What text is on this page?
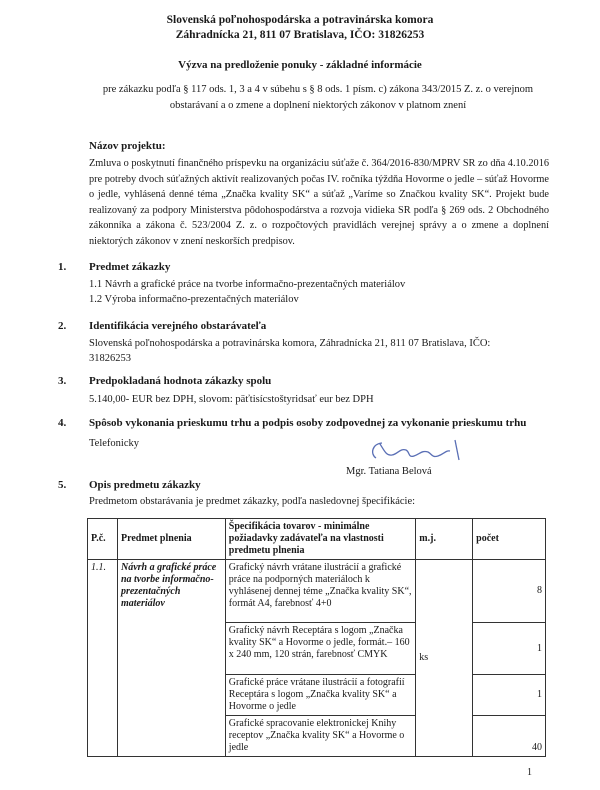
Slovenská poľnohospodárska a potravinárska komora
Záhradnícka 21, 811 07 Bratislava, IČO: 31826253
Výzva na predloženie ponuky - základné informácie
pre zákazku podľa § 117 ods. 1, 3 a 4 v súbehu s § 8 ods. 1 písm. c) zákona 343/2015 Z. z. o verejnom
obstarávaní a o zmene a doplnení niektorých zákonov v platnom znení
Názov projektu:
Zmluva o poskytnutí finančného príspevku na organizáciu súťaže č. 364/2016-830/MPRV SR zo dňa 4.10.2016 pre potreby dvoch súťažných aktivít realizovaných počas IV. ročníka týždňa Hovorme o jedle – súťaž Hovorme o jedle, vyhlásená denné téma „Značka kvality SK“ a súťaž „Varíme so Značkou kvality SK“. Projekt bude realizovaný za podpory Ministerstva pôdohospodárstva a rozvoja vidieka SR podľa § 269 ods. 2 Obchodného zákonníka a zákona č. 523/2004 Z. z. o rozpočtových pravidlách verejnej správy a o zmene a doplnení niektorých zákonov v znení neskorších predpisov.
1. Predmet zákazky
1.1 Návrh a grafické práce na tvorbe informačno-prezentačných materiálov
1.2 Výroba informačno-prezentačných materiálov
2. Identifikácia verejného obstarávateľa
Slovenská poľnohospodárska a potravinárska komora, Záhradnícka 21, 811 07 Bratislava, IČO:
31826253
3. Predpokladaná hodnota zákazky spolu
5.140,00- EUR bez DPH, slovom: päťtisícstoštyridsať eur bez DPH
4. Spôsob vykonania prieskumu trhu a podpis osoby zodpovednej za vykonanie prieskumu trhu
Telefonicky
Mgr. Tatiana Belová
5. Opis predmetu zákazky
Predmetom obstarávania je predmet zákazky, podľa nasledovnej špecifikácie:
P.č.	Predmet plnenia	Špecifikácia tovarov - minimálne požiadavky zadávateľa na vlastnosti predmetu plnenia	m.j.	počet
1.1.	Návrh a grafické práce na tvorbe informačno-prezentačných materiálov	Grafický návrh vrátane ilustrácií a grafické práce na podporných materiáloch k vyhlásenej dennej téme „Značka kvality SK“, formát A4, farebnosť 4+0	ks	8
		Grafický návrh Receptára s logom „Značka kvality SK“ a Hovorme o jedle, formát.– 160 x 240 mm, 120 strán, farebnosť CMYK		1
		Grafické práce vrátane ilustrácií a fotografií Receptára s logom „Značka kvality SK“ a Hovorme o jedle		1
		Grafické spracovanie elektronickej Knihy receptov „Značka kvality SK“ a Hovorme o jedle		40
1
